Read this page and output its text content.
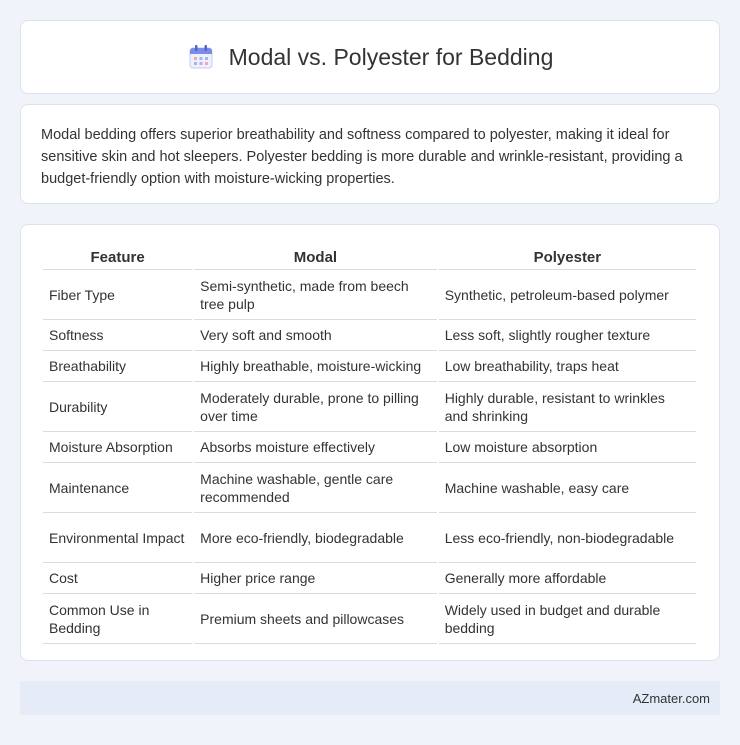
Modal vs. Polyester for Bedding

Modal bedding offers superior breathability and softness compared to polyester, making it ideal for sensitive skin and hot sleepers. Polyester bedding is more durable and wrinkle-resistant, providing a budget-friendly option with moisture-wicking properties.

Feature	Modal	Polyester
Fiber Type	Semi-synthetic, made from beech tree pulp	Synthetic, petroleum-based polymer
Softness	Very soft and smooth	Less soft, slightly rougher texture
Breathability	Highly breathable, moisture-wicking	Low breathability, traps heat
Durability	Moderately durable, prone to pilling over time	Highly durable, resistant to wrinkles and shrinking
Moisture Absorption	Absorbs moisture effectively	Low moisture absorption
Maintenance	Machine washable, gentle care recommended	Machine washable, easy care
Environmental Impact	More eco-friendly, biodegradable	Less eco-friendly, non-biodegradable
Cost	Higher price range	Generally more affordable
Common Use in Bedding	Premium sheets and pillowcases	Widely used in budget and durable bedding
AZmater.com
